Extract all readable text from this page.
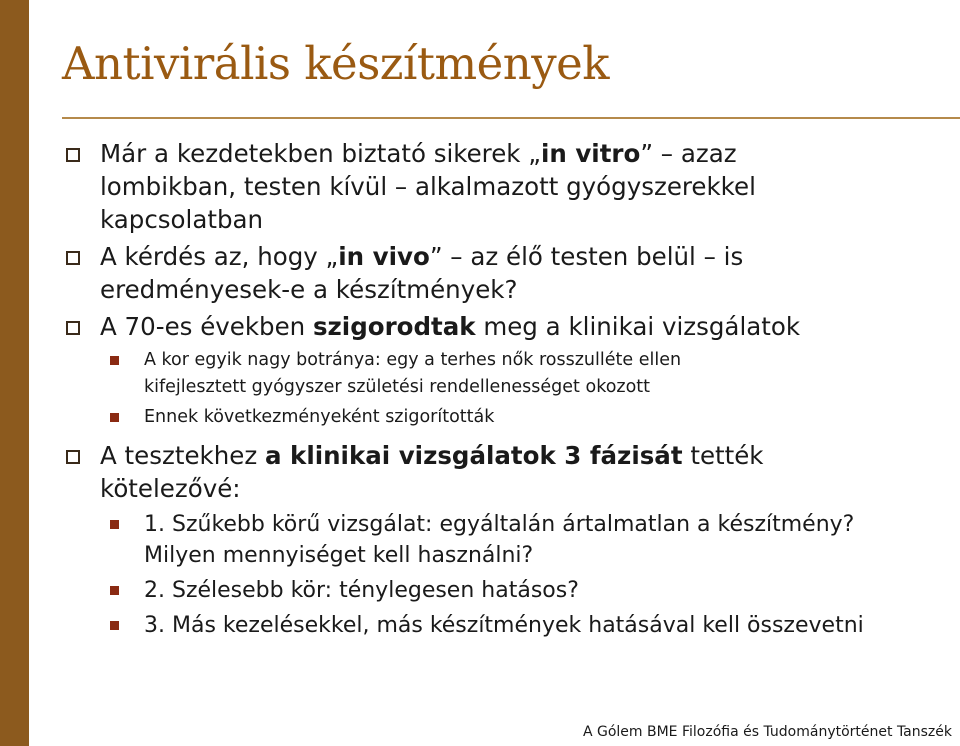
Antivirális készítmények
Már a kezdetekben biztató sikerek „in vitro” – azaz
lombikban, testen kívül – alkalmazott gyógyszerekkel
kapcsolatban
A kérdés az, hogy „in vivo” – az élő testen belül – is
eredményesek-e a készítmények?
A 70-es években szigorodtak meg a klinikai vizsgálatok
A kor egyik nagy botránya: egy a terhes nők rosszulléte ellen
kifejlesztett gyógyszer születési rendellenességet okozott
Ennek következményeként szigorították
A tesztekhez a klinikai vizsgálatok 3 fázisát tették
kötelezővé:
1. Szűkebb körű vizsgálat: egyáltalán ártalmatlan a készítmény?
Milyen mennyiséget kell használni?
2. Szélesebb kör: ténylegesen hatásos?
3. Más kezelésekkel, más készítmények hatásával kell összevetni
A Gólem BME Filozófia és Tudománytörténet Tanszék
